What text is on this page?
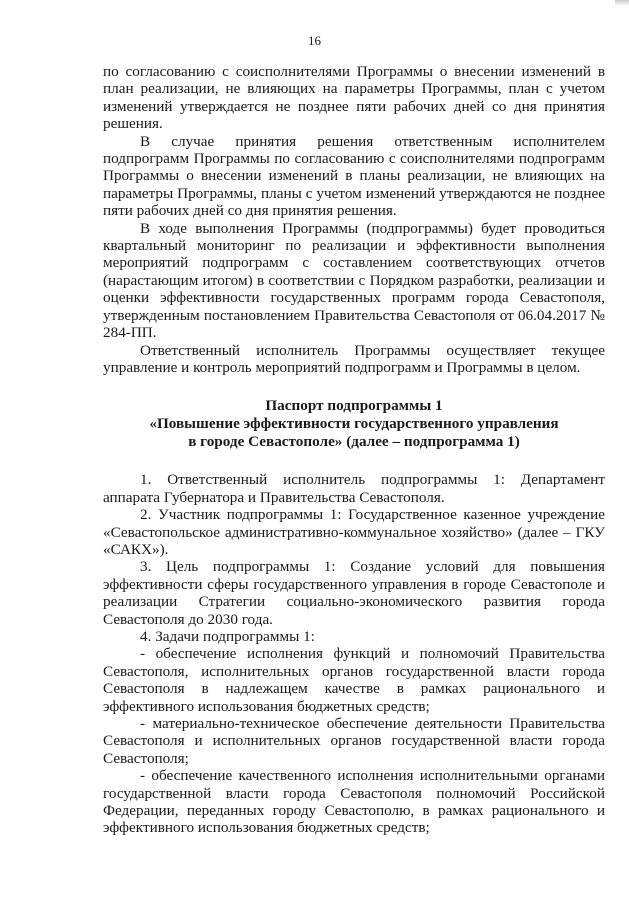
16

по согласованию с соисполнителями Программы о внесении изменений в план реализации, не влияющих на параметры Программы, план с учетом изменений утверждается не позднее пяти рабочих дней со дня принятия решения.

В случае принятия решения ответственным исполнителем подпрограмм Программы по согласованию с соисполнителями подпрограмм Программы о внесении изменений в планы реализации, не влияющих на параметры Программы, планы с учетом изменений утверждаются не позднее пяти рабочих дней со дня принятия решения.

В ходе выполнения Программы (подпрограммы) будет проводиться квартальный мониторинг по реализации и эффективности выполнения мероприятий подпрограмм с составлением соответствующих отчетов (нарастающим итогом) в соответствии с Порядком разработки, реализации и оценки эффективности государственных программ города Севастополя, утвержденным постановлением Правительства Севастополя от 06.04.2017 № 284-ПП.

Ответственный исполнитель Программы осуществляет текущее управление и контроль мероприятий подпрограмм и Программы в целом.

Паспорт подпрограммы 1
«Повышение эффективности государственного управления
в городе Севастополе» (далее – подпрограмма 1)

1. Ответственный исполнитель подпрограммы 1: Департамент аппарата Губернатора и Правительства Севастополя.

2. Участник подпрограммы 1: Государственное казенное учреждение «Севастопольское административно-коммунальное хозяйство» (далее – ГКУ «САКХ»).

3. Цель подпрограммы 1: Создание условий для повышения эффективности сферы государственного управления в городе Севастополе и реализации Стратегии социально-экономического развития города Севастополя до 2030 года.

4. Задачи подпрограммы 1:

- обеспечение исполнения функций и полномочий Правительства Севастополя, исполнительных органов государственной власти города Севастополя в надлежащем качестве в рамках рационального и эффективного использования бюджетных средств;

- материально-техническое обеспечение деятельности Правительства Севастополя и исполнительных органов государственной власти города Севастополя;

- обеспечение качественного исполнения исполнительными органами государственной власти города Севастополя полномочий Российской Федерации, переданных городу Севастополю, в рамках рационального и эффективного использования бюджетных средств;
